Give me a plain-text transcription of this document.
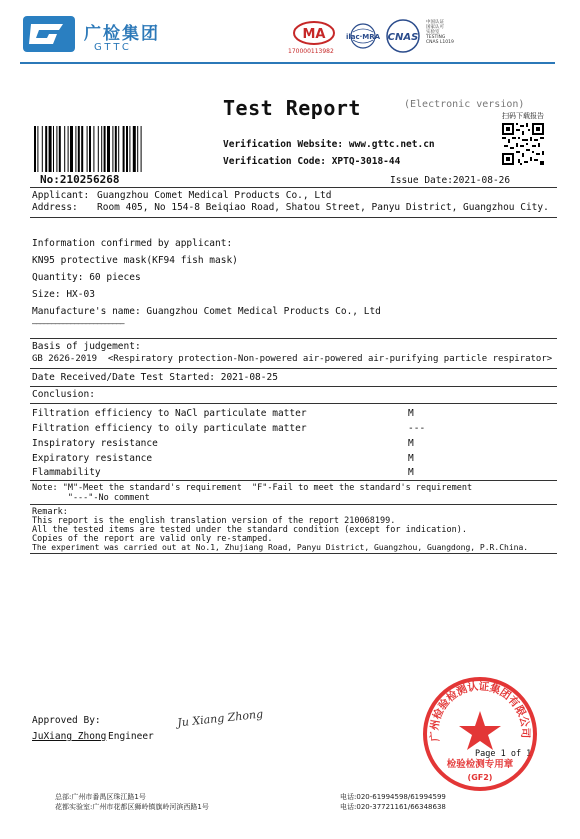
广检集团
GTTC
MA
170000113982
ilac·MRA CNAS
中国认证
国家认可
实验室
TESTING
CNAS L1019
Test Report	(Electronic version)
扫码下载报告
Verification Website: www.gttc.net.cn
Verification Code: XPTQ-3018-44
No:210256268	Issue Date:2021-08-26
Applicant: Guangzhou Comet Medical Products Co., Ltd
Address: Room 405, No 154-8 Beiqiao Road, Shatou Street, Panyu District, Guangzhou City.
Information confirmed by applicant:
KN95 protective mask(KF94 fish mask)
Quantity: 60 pieces
Size: HX-03
Manufacture's name: Guangzhou Comet Medical Products Co., Ltd
————————————————————————
Basis of judgement:
GB 2626-2019  <Respiratory protection-Non-powered air-powered air-purifying particle respirator>
Date Received/Date Test Started: 2021-08-25
Conclusion:
Filtration efficiency to NaCl particulate matter	M
Filtration efficiency to oily particulate matter	---
Inspiratory resistance	M
Expiratory resistance	M
Flammability	M
Note: "M"-Meet the standard's requirement  "F"-Fail to meet the standard's requirement
"---"-No comment
Remark:
This report is the english translation version of the report 210068199.
All the tested items are tested under the standard condition (except for indication).
Copies of the report are valid only re-stamped.
The experiment was carried out at No.1, Zhujiang Road, Panyu District, Guangzhou, Guangdong, P.R.China.
Ju Xiang Zhong
Approved By:
JuXiang Zhong Engineer
Page 1 of 1
广州检验检测认证集团有限公司
检验检测专用章
(GF2)
总部:广州市番禺区珠江路1号
花都实验室:广州市花都区狮岭镇旗岭河滨西路1号
电话:020-61994598/61994599
电话:020-37721161/66348638
